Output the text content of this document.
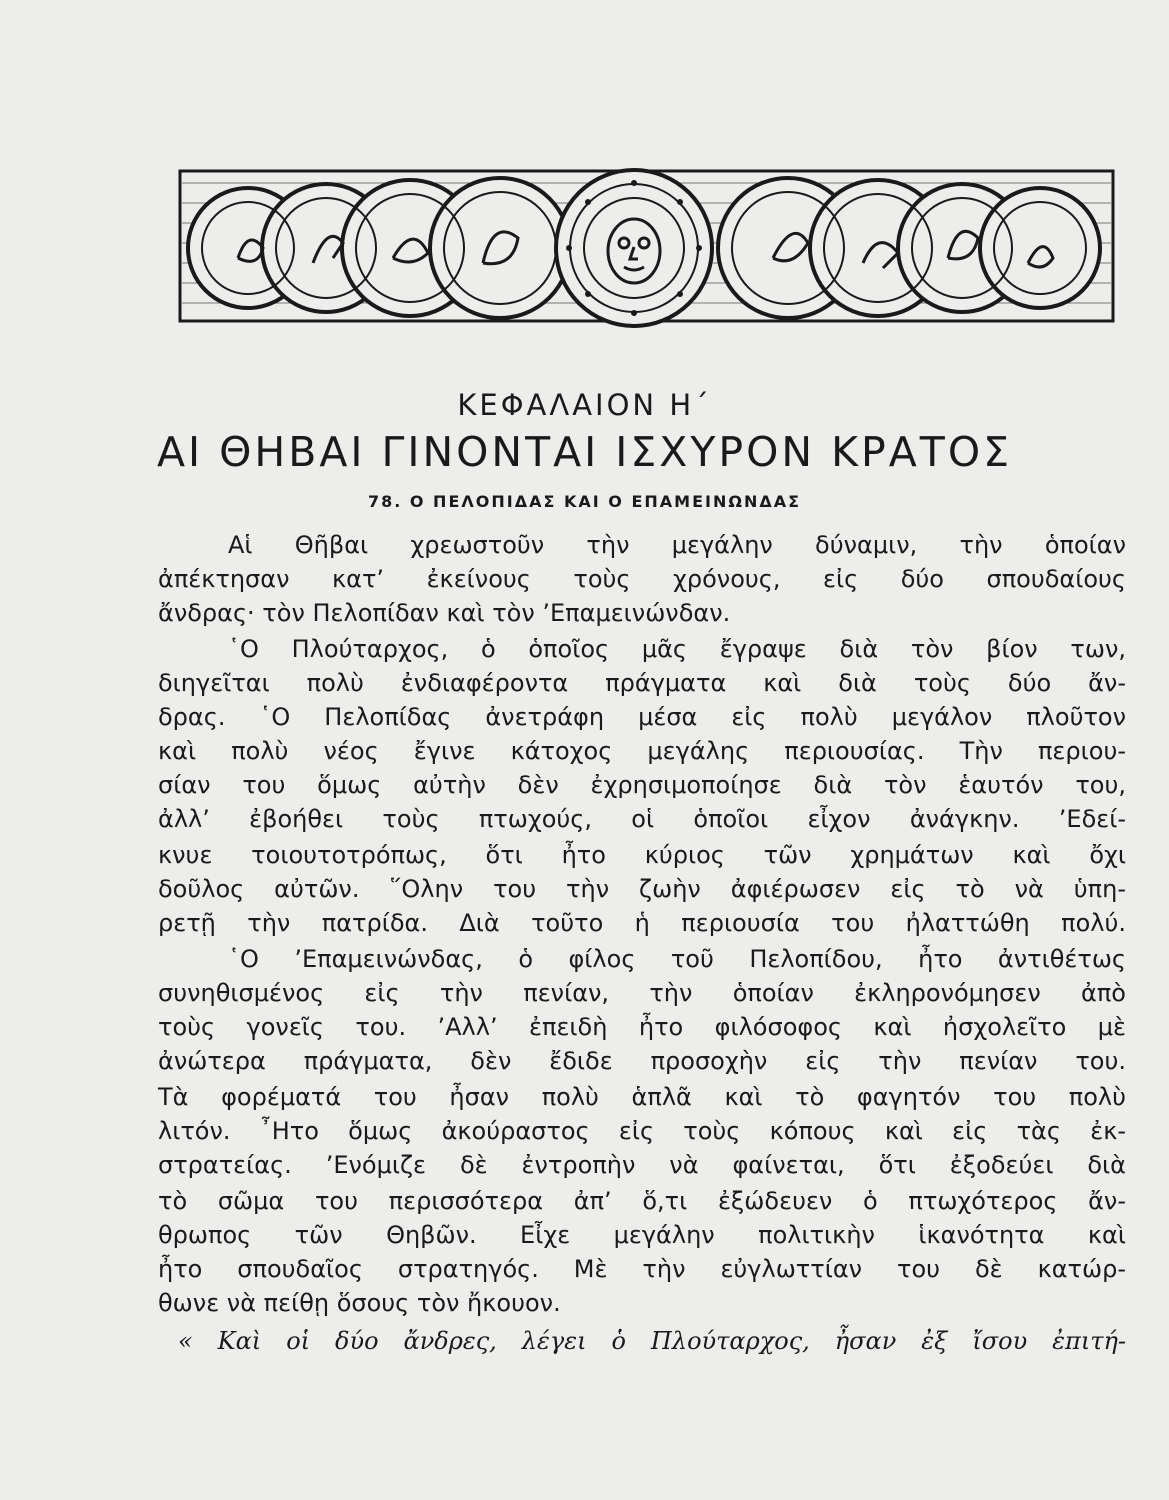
ΚΕΦΑΛΑΙΟΝ Η΄
ΑΙ ΘΗΒΑΙ ΓΙΝΟΝΤΑΙ ΙΣΧΥΡΟΝ ΚΡΑΤΟΣ
78. Ο ΠΕΛΟΠΙΔΑΣ ΚΑΙ Ο ΕΠΑΜΕΙΝΩΝΔΑΣ

Αἱ Θῆβαι χρεωστοῦν τὴν μεγάλην δύναμιν, τὴν ὁποίαν

ἀπέκτησαν κατ’ ἐκείνους τοὺς χρόνους, εἰς δύο σπουδαίους

ἄνδρας· τὸν Πελοπίδαν καὶ τὸν ’Επαμεινώνδαν.

῾Ο Πλούταρχος, ὁ ὁποῖος μᾶς ἔγραψε διὰ τὸν βίον των,

διηγεῖται πολὺ ἐνδιαφέροντα πράγματα καὶ διὰ τοὺς δύο ἄν-

δρας. ῾Ο Πελοπίδας ἀνετράφη μέσα εἰς πολὺ μεγάλον πλοῦτον

καὶ πολὺ νέος ἔγινε κάτοχος μεγάλης περιουσίας. Τὴν περιου-

σίαν του ὅμως αὐτὴν δὲν ἐχρησιμοποίησε διὰ τὸν ἑαυτόν του,

ἀλλ’ ἐβοήθει τοὺς πτωχούς, οἱ ὁποῖοι εἶχον ἀνάγκην. ’Εδεί-

κνυε τοιουτοτρόπως, ὅτι ἦτο κύριος τῶν χρημάτων καὶ ὄχι

δοῦλος αὐτῶν. ῞Ολην του τὴν ζωὴν ἀφιέρωσεν εἰς τὸ νὰ ὑπη-

ρετῇ τὴν πατρίδα. Διὰ τοῦτο ἡ περιουσία του ἠλαττώθη πολύ.

῾Ο ’Επαμεινώνδας, ὁ φίλος τοῦ Πελοπίδου, ἦτο ἀντιθέτως

συνηθισμένος εἰς τὴν πενίαν, τὴν ὁποίαν ἐκληρονόμησεν ἀπὸ

τοὺς γονεῖς του. ’Αλλ’ ἐπειδὴ ἦτο φιλόσοφος καὶ ἠσχολεῖτο μὲ

ἀνώτερα πράγματα, δὲν ἔδιδε προσοχὴν εἰς τὴν πενίαν του.

Τὰ φορέματά του ἦσαν πολὺ ἁπλᾶ καὶ τὸ φαγητόν του πολὺ

λιτόν. ῏Ητο ὅμως ἀκούραστος εἰς τοὺς κόπους καὶ εἰς τὰς ἐκ-

στρατείας. ’Ενόμιζε δὲ ἐντροπὴν νὰ φαίνεται, ὅτι ἐξοδεύει διὰ

τὸ σῶμα του περισσότερα ἀπ’ ὅ,τι ἐξώδευεν ὁ πτωχότερος ἄν-

θρωπος τῶν Θηβῶν. Εἶχε μεγάλην πολιτικὴν ἱκανότητα καὶ

ἦτο σπουδαῖος στρατηγός. Μὲ τὴν εὐγλωττίαν του δὲ κατώρ-

θωνε νὰ πείθῃ ὅσους τὸν ἤκουον.

« Καὶ οἱ δύο ἄνδρες, λέγει ὁ Πλούταρχος, ἦσαν ἐξ ἴσου ἐπιτή-
